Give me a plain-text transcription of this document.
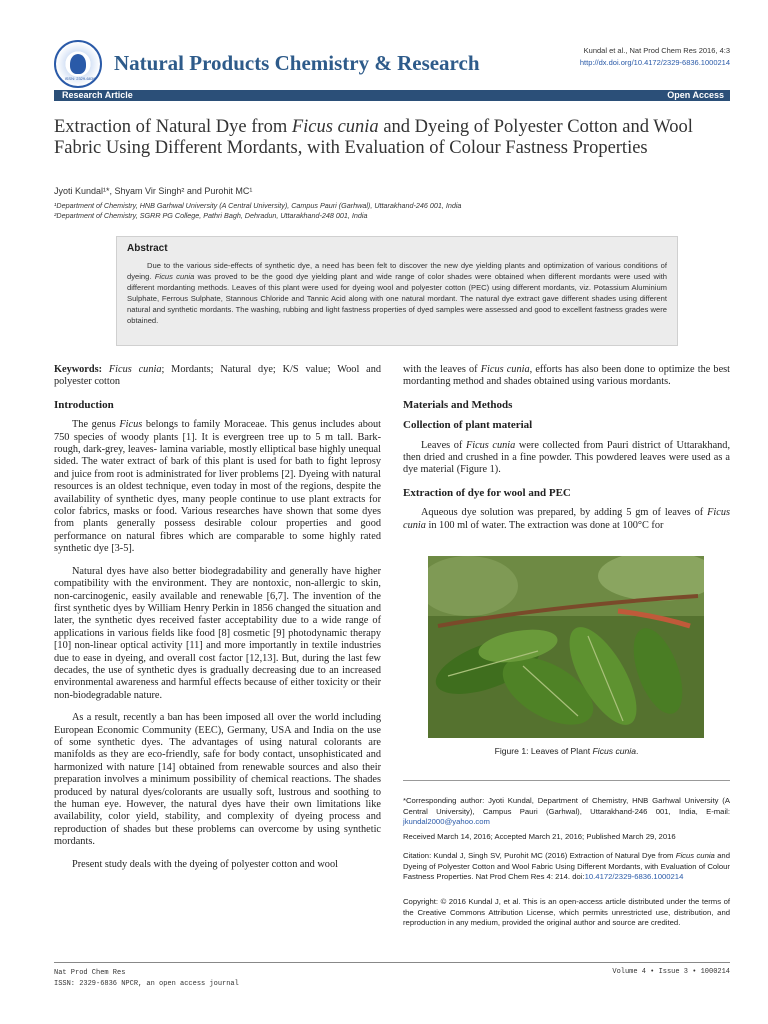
ISSN: 2329-6836
Natural Products Chemistry & Research
Kundal et al., Nat Prod Chem Res 2016, 4:3
http://dx.doi.org/10.4172/2329-6836.1000214
Research Article	Open Access
Extraction of Natural Dye from Ficus cunia and Dyeing of Polyester Cotton and Wool Fabric Using Different Mordants, with Evaluation of Colour Fastness Properties
Jyoti Kundal¹*, Shyam Vir Singh² and Purohit MC¹
¹Department of Chemistry, HNB Garhwal University (A Central University), Campus Pauri (Garhwal), Uttarakhand-246 001, India
²Department of Chemistry, SGRR PG College, Pathri Bagh, Dehradun, Uttarakhand-248 001, India
Abstract

Due to the various side-effects of synthetic dye, a need has been felt to discover the new dye yielding plants and optimization of various conditions of dyeing. Ficus cunia was proved to be the good dye yielding plant and wide range of color shades were obtained when different mordants were used with different mordanting methods. Leaves of this plant were used for dyeing wool and polyester cotton (PEC) using different mordants, viz. Potassium Aluminium Sulphate, Ferrous Sulphate, Stannous Chloride and Tannic Acid along with one natural mordant. The natural dye extract gave different shades using different natural and synthetic mordants. The washing, rubbing and light fastness properties of dyed samples were assessed and good to excellent fastness grades were obtained.

Keywords: Ficus cunia; Mordants; Natural dye; K/S value; Wool and polyester cotton

Introduction

The genus Ficus belongs to family Moraceae. This genus includes about 750 species of woody plants [1]. It is evergreen tree up to 5 m tall. Bark- rough, dark-grey, leaves- lamina variable, mostly elliptical base highly unequal sided. The water extract of bark of this plant is used for bath to fight leprosy and juice from root is administrated for liver problems [2]. Dyeing with natural resources is an oldest technique, even today in most of the regions, despite the availability of synthetic dyes, many people continue to use plant extracts for color fabrics, masks or food. Various researches have shown that some dyes from plants generally possess desirable colour properties and good performance on natural fibres which are comparable to some highly rated synthetic dye [3-5].

Natural dyes have also better biodegradability and generally have higher compatibility with the environment. They are nontoxic, non-allergic to skin, non-carcinogenic, easily available and renewable [6,7]. The invention of the first synthetic dyes by William Henry Perkin in 1856 changed the situation and later, the synthetic dyes received faster acceptability due to a wide range of applications in various fields like food [8] cosmetic [9] photodynamic therapy [10] non-linear optical activity [11] and more importantly in textile industries due to ease in dyeing, and overall cost factor [12,13]. But, during the last few decades, the use of synthetic dyes is gradually decreasing due to an increased environmental awareness and harmful effects because of either toxicity or their non-biodegradable nature.

As a result, recently a ban has been imposed all over the world including European Economic Community (EEC), Germany, USA and India on the use of some synthetic dyes. The advantages of using natural colorants are manifolds as they are eco-friendly, safe for body contact, unsophisticated and harmonized with nature [14] obtained from renewable sources and also their preparation involves a minimum possibility of chemical reactions. The shades produced by natural dyes/colorants are usually soft, lustrous and soothing to the human eye. However, the natural dyes have their own limitations like availability, color yield, stability, and complexity of dyeing process and reproduction of shades but these problems can overcome by using synthetic mordants.

Present study deals with the dyeing of polyester cotton and wool

with the leaves of Ficus cunia, efforts has also been done to optimize the best mordanting method and shades obtained using various mordants.

Materials and Methods
Collection of plant material

Leaves of Ficus cunia were collected from Pauri district of Uttarakhand, then dried and crushed in a fine powder. This powdered leaves were used as a dye material (Figure 1).

Extraction of dye for wool and PEC

Aqueous dye solution was prepared, by adding 5 gm of leaves of Ficus cunia in 100 ml of water. The extraction was done at 100°C for

Figure 1: Leaves of Plant Ficus cunia.
*Corresponding author: Jyoti Kundal, Department of Chemistry, HNB Garhwal University (A Central University), Campus Pauri (Garhwal), Uttarakhand-246 001, India, E-mail: jkundal2000@yahoo.com
Received March 14, 2016; Accepted March 21, 2016; Published March 29, 2016
Citation: Kundal J, Singh SV, Purohit MC (2016) Extraction of Natural Dye from Ficus cunia and Dyeing of Polyester Cotton and Wool Fabric Using Different Mordants, with Evaluation of Colour Fastness Properties. Nat Prod Chem Res 4: 214. doi:10.4172/2329-6836.1000214
Copyright: © 2016 Kundal J, et al. This is an open-access article distributed under the terms of the Creative Commons Attribution License, which permits unrestricted use, distribution, and reproduction in any medium, provided the original author and source are credited.
Nat Prod Chem Res
ISSN: 2329-6836 NPCR, an open access journal
Volume 4 • Issue 3 • 1000214
